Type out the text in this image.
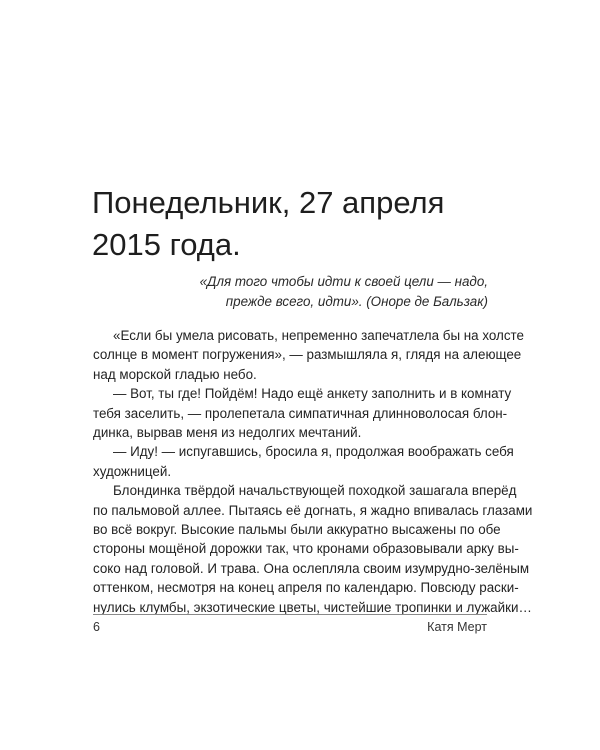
Понедельник, 27 апреля
2015 года.
«Для того чтобы идти к своей цели — надо,
прежде всего, идти». (Оноре де Бальзак)
«Если бы умела рисовать, непременно запечатлела бы на холсте
солнце в момент погружения», — размышляла я, глядя на алеющее
над морской гладью небо.
— Вот, ты где! Пойдём! Надо ещё анкету заполнить и в комнату
тебя заселить, — пролепетала симпатичная длинноволосая блон-
динка, вырвав меня из недолгих мечтаний.
— Иду! — испугавшись, бросила я, продолжая воображать себя
художницей.
Блондинка твёрдой начальствующей походкой зашагала вперёд
по пальмовой аллее. Пытаясь её догнать, я жадно впивалась глазами
во всё вокруг. Высокие пальмы были аккуратно высажены по обе
стороны мощёной дорожки так, что кронами образовывали арку вы-
соко над головой. И трава. Она ослепляла своим изумрудно-зелёным
оттенком, несмотря на конец апреля по календарю. Повсюду раски-
нулись клумбы, экзотические цветы, чистейшие тропинки и лужайки…
6	Катя Мерт
